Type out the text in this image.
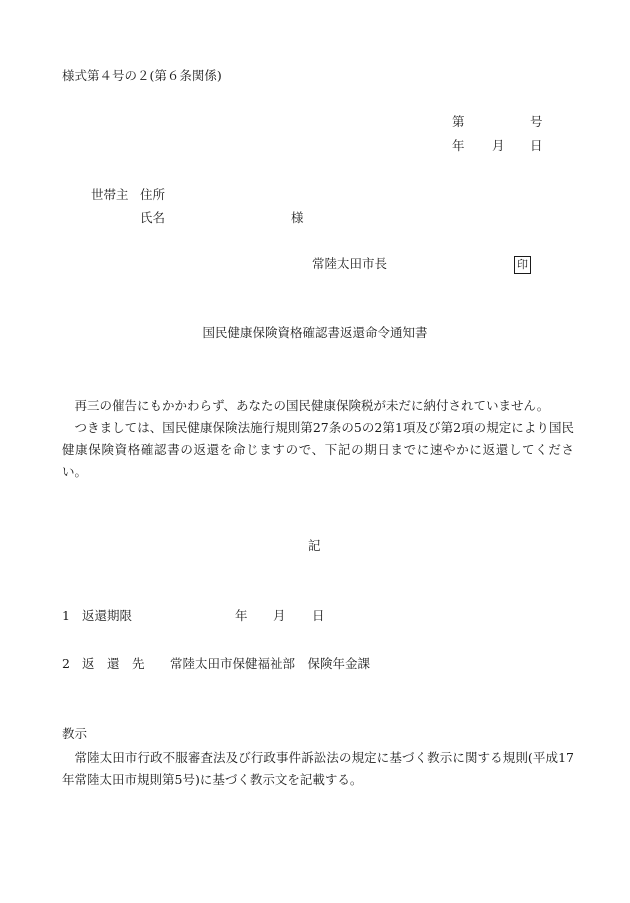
様式第４号の２(第６条関係)
第	号
年 月 日
世帯主 住所
氏名	様
常陸太田市長	印
国民健康保険資格確認書返還命令通知書
再三の催告にもかかわらず、あなたの国民健康保険税が未だに納付されていません。
つきましては、国民健康保険法施行規則第27条の5の2第1項及び第2項の規定により国民健康保険資格確認書の返還を命じますので、下記の期日までに速やかに返還してください。
記
1 返還期限	年 月 日
2 返　還　先 常陸太田市保健福祉部　保険年金課
教示
常陸太田市行政不服審査法及び行政事件訴訟法の規定に基づく教示に関する規則(平成17年常陸太田市規則第5号)に基づく教示文を記載する。
